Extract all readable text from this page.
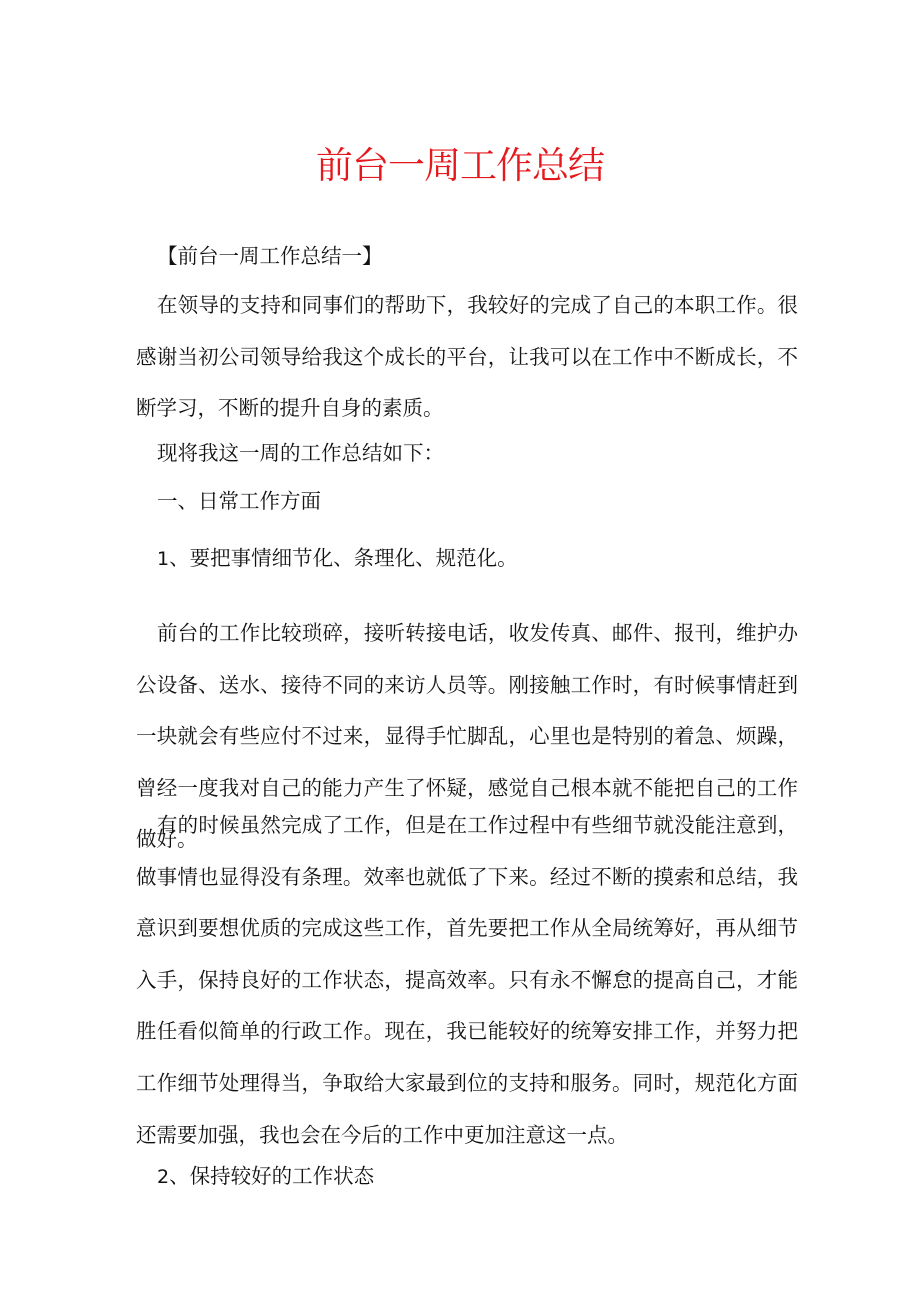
前台一周工作总结

【前台一周工作总结一】

在领导的支持和同事们的帮助下，我较好的完成了自己的本职工作。很感谢当初公司领导给我这个成长的平台，让我可以在工作中不断成长，不断学习，不断的提升自身的素质。

现将我这一周的工作总结如下：

一、日常工作方面

1、要把事情细节化、条理化、规范化。

前台的工作比较琐碎，接听转接电话，收发传真、邮件、报刊，维护办公设备、送水、接待不同的来访人员等。刚接触工作时，有时候事情赶到一块就会有些应付不过来，显得手忙脚乱，心里也是特别的着急、烦躁，曾经一度我对自己的能力产生了怀疑，感觉自己根本就不能把自己的工作做好。

有的时候虽然完成了工作，但是在工作过程中有些细节就没能注意到，做事情也显得没有条理。效率也就低了下来。经过不断的摸索和总结，我意识到要想优质的完成这些工作，首先要把工作从全局统筹好，再从细节入手，保持良好的工作状态，提高效率。只有永不懈怠的提高自己，才能胜任看似简单的行政工作。现在，我已能较好的统筹安排工作，并努力把工作细节处理得当，争取给大家最到位的支持和服务。同时，规范化方面还需要加强，我也会在今后的工作中更加注意这一点。

2、保持较好的工作状态
